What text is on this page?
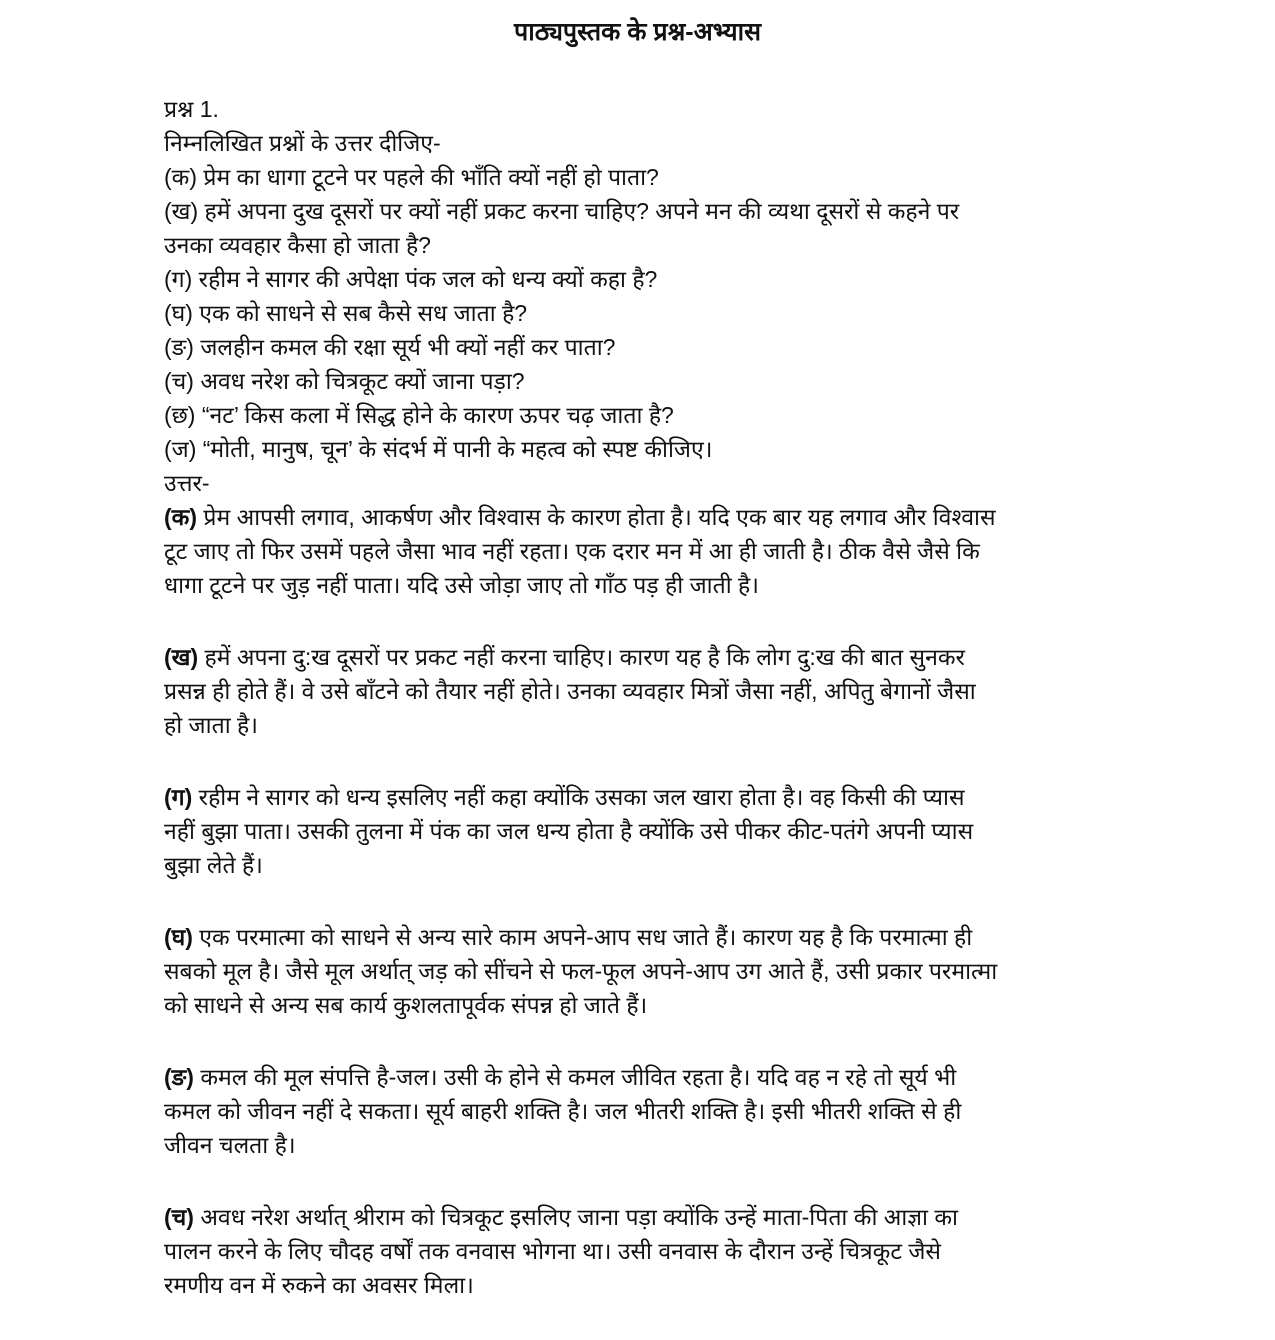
पाठ्यपुस्तक के प्रश्न-अभ्यास
प्रश्न 1.
निम्नलिखित प्रश्नों के उत्तर दीजिए-
(क) प्रेम का धागा टूटने पर पहले की भाँति क्यों नहीं हो पाता?
(ख) हमें अपना दुख दूसरों पर क्यों नहीं प्रकट करना चाहिए? अपने मन की व्यथा दूसरों से कहने पर
उनका व्यवहार कैसा हो जाता है?
(ग) रहीम ने सागर की अपेक्षा पंक जल को धन्य क्यों कहा है?
(घ) एक को साधने से सब कैसे सध जाता है?
(ङ) जलहीन कमल की रक्षा सूर्य भी क्यों नहीं कर पाता?
(च) अवध नरेश को चित्रकूट क्यों जाना पड़ा?
(छ) “नट’ किस कला में सिद्ध होने के कारण ऊपर चढ़ जाता है?
(ज) “मोती, मानुष, चून’ के संदर्भ में पानी के महत्व को स्पष्ट कीजिए।
उत्तर-
(क) प्रेम आपसी लगाव, आकर्षण और विश्वास के कारण होता है। यदि एक बार यह लगाव और विश्वास
टूट जाए तो फिर उसमें पहले जैसा भाव नहीं रहता। एक दरार मन में आ ही जाती है। ठीक वैसे जैसे कि
धागा टूटने पर जुड़ नहीं पाता। यदि उसे जोड़ा जाए तो गाँठ पड़ ही जाती है।
(ख) हमें अपना दु:ख दूसरों पर प्रकट नहीं करना चाहिए। कारण यह है कि लोग दु:ख की बात सुनकर
प्रसन्न ही होते हैं। वे उसे बाँटने को तैयार नहीं होते। उनका व्यवहार मित्रों जैसा नहीं, अपितु बेगानों जैसा
हो जाता है।
(ग) रहीम ने सागर को धन्य इसलिए नहीं कहा क्योंकि उसका जल खारा होता है। वह किसी की प्यास
नहीं बुझा पाता। उसकी तुलना में पंक का जल धन्य होता है क्योंकि उसे पीकर कीट-पतंगे अपनी प्यास
बुझा लेते हैं।
(घ) एक परमात्मा को साधने से अन्य सारे काम अपने-आप सध जाते हैं। कारण यह है कि परमात्मा ही
सबको मूल है। जैसे मूल अर्थात् जड़ को सींचने से फल-फूल अपने-आप उग आते हैं, उसी प्रकार परमात्मा
को साधने से अन्य सब कार्य कुशलतापूर्वक संपन्न हो जाते हैं।
(ङ) कमल की मूल संपत्ति है-जल। उसी के होने से कमल जीवित रहता है। यदि वह न रहे तो सूर्य भी
कमल को जीवन नहीं दे सकता। सूर्य बाहरी शक्ति है। जल भीतरी शक्ति है। इसी भीतरी शक्ति से ही
जीवन चलता है।
(च) अवध नरेश अर्थात् श्रीराम को चित्रकूट इसलिए जाना पड़ा क्योंकि उन्हें माता-पिता की आज्ञा का
पालन करने के लिए चौदह वर्षों तक वनवास भोगना था। उसी वनवास के दौरान उन्हें चित्रकूट जैसे
रमणीय वन में रुकने का अवसर मिला।
